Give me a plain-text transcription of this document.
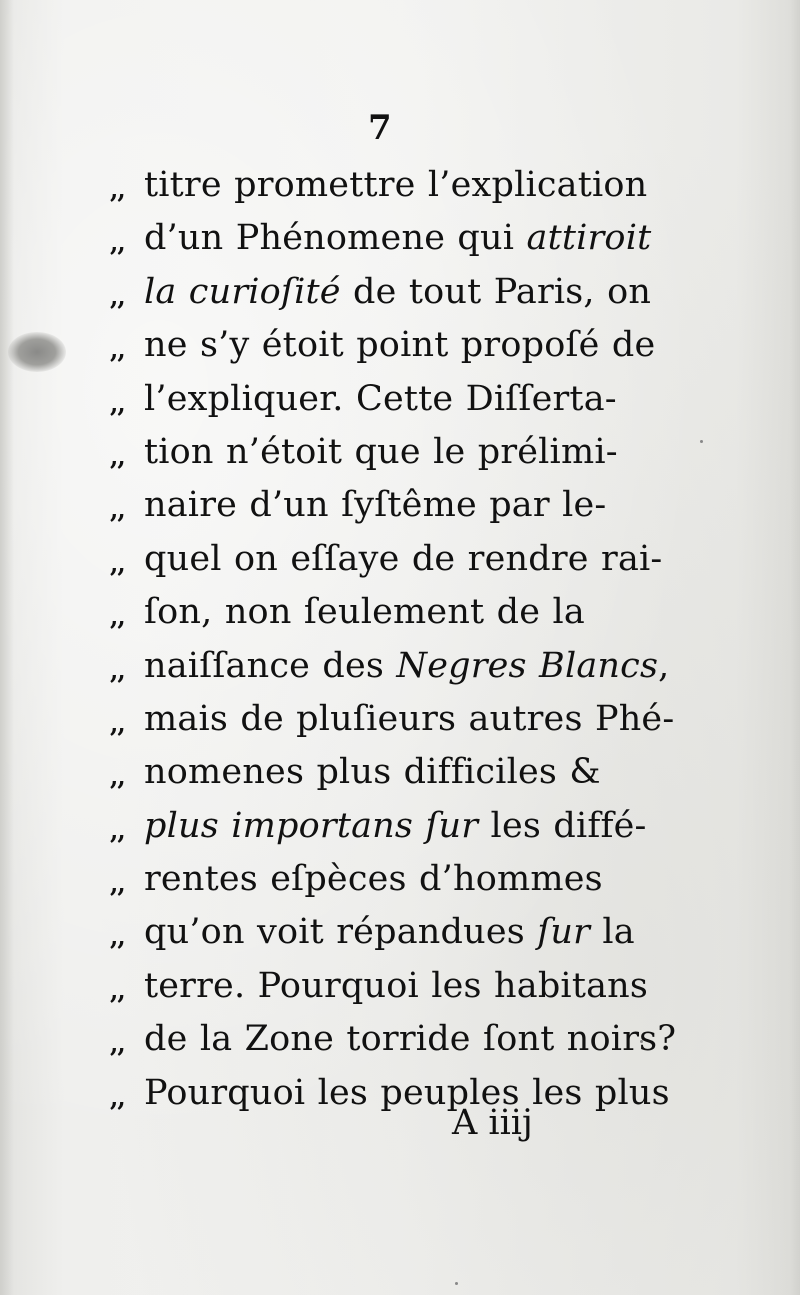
7
,, titre promettre l’explication
,, d’un Phénomene qui attiroit
,, la curioſité de tout Paris, on
,, ne s’y étoit point propoſé de
,, l’expliquer. Cette Diſſerta-
,, tion n’étoit que le prélimi-
,, naire d’un ſyſtême par le-
,, quel on eſſaye de rendre rai-
,, ſon, non ſeulement de la
,, naiſſance des Negres Blancs,
,, mais de pluſieurs autres Phé-
,, nomenes plus difficiles &
,, plus importans ſur les diffé-
,, rentes eſpèces d’hommes
,, qu’on voit répandues ſur la
,, terre. Pourquoi les habitans
,, de la Zone torride ſont noirs?
,, Pourquoi les peuples les plus
A iiij
